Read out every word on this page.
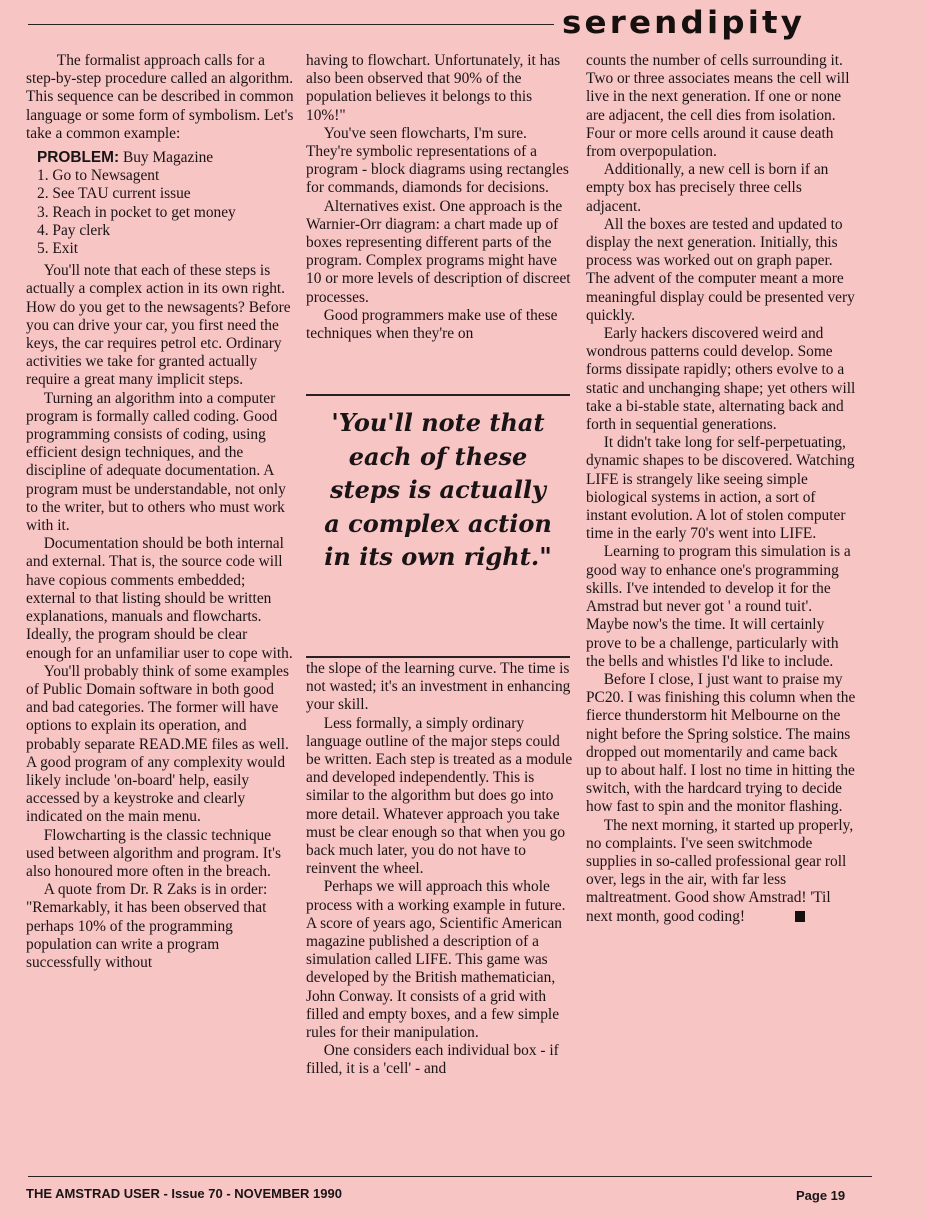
serendipity

The formalist approach calls for a step-by-step procedure called an algorithm. This sequence can be described in common language or some form of symbolism. Let's take a common example:

PROBLEM: Buy Magazine
1. Go to Newsagent
2. See TAU current issue
3. Reach in pocket to get money
4. Pay clerk
5. Exit

You'll note that each of these steps is actually a complex action in its own right. How do you get to the newsagents? Before you can drive your car, you first need the keys, the car requires petrol etc. Ordinary activities we take for granted actually require a great many implicit steps.

Turning an algorithm into a computer program is formally called coding. Good programming consists of coding, using efficient design techniques, and the discipline of adequate documentation. A program must be understandable, not only to the writer, but to others who must work with it.

Documentation should be both internal and external. That is, the source code will have copious comments embedded; external to that listing should be written explanations, manuals and flowcharts. Ideally, the program should be clear enough for an unfamiliar user to cope with.

You'll probably think of some examples of Public Domain software in both good and bad categories. The former will have options to explain its operation, and probably separate READ.ME files as well. A good program of any complexity would likely include 'on-board' help, easily accessed by a keystroke and clearly indicated on the main menu.

Flowcharting is the classic technique used between algorithm and program. It's also honoured more often in the breach.

A quote from Dr. R Zaks is in order: "Remarkably, it has been observed that perhaps 10% of the programming population can write a program successfully without

having to flowchart. Unfortunately, it has also been observed that 90% of the population believes it belongs to this 10%!"

You've seen flowcharts, I'm sure. They're symbolic representations of a program - block diagrams using rectangles for commands, diamonds for decisions.

Alternatives exist. One approach is the Warnier-Orr diagram: a chart made up of boxes representing different parts of the program. Complex programs might have 10 or more levels of description of discreet processes.

Good programmers make use of these techniques when they're on

'You'll note that each of these steps is actually a complex action in its own right."

the slope of the learning curve. The time is not wasted; it's an investment in enhancing your skill.

Less formally, a simply ordinary language outline of the major steps could be written. Each step is treated as a module and developed independently. This is similar to the algorithm but does go into more detail. Whatever approach you take must be clear enough so that when you go back much later, you do not have to reinvent the wheel.

Perhaps we will approach this whole process with a working example in future. A score of years ago, Scientific American magazine published a description of a simulation called LIFE. This game was developed by the British mathematician, John Conway. It consists of a grid with filled and empty boxes, and a few simple rules for their manipulation.

One considers each individual box - if filled, it is a 'cell' - and

counts the number of cells surrounding it. Two or three associates means the cell will live in the next generation. If one or none are adjacent, the cell dies from isolation. Four or more cells around it cause death from overpopulation.

Additionally, a new cell is born if an empty box has precisely three cells adjacent.

All the boxes are tested and updated to display the next generation. Initially, this process was worked out on graph paper. The advent of the computer meant a more meaningful display could be presented very quickly.

Early hackers discovered weird and wondrous patterns could develop. Some forms dissipate rapidly; others evolve to a static and unchanging shape; yet others will take a bi-stable state, alternating back and forth in sequential generations.

It didn't take long for self-perpetuating, dynamic shapes to be discovered. Watching LIFE is strangely like seeing simple biological systems in action, a sort of instant evolution. A lot of stolen computer time in the early 70's went into LIFE.

Learning to program this simulation is a good way to enhance one's programming skills. I've intended to develop it for the Amstrad but never got ' a round tuit'. Maybe now's the time. It will certainly prove to be a challenge, particularly with the bells and whistles I'd like to include.

Before I close, I just want to praise my PC20. I was finishing this column when the fierce thunderstorm hit Melbourne on the night before the Spring solstice. The mains dropped out momentarily and came back up to about half. I lost no time in hitting the switch, with the hardcard trying to decide how fast to spin and the monitor flashing.

The next morning, it started up properly, no complaints. I've seen switchmode supplies in so-called professional gear roll over, legs in the air, with far less maltreatment. Good show Amstrad! 'Til next month, good coding!

THE AMSTRAD USER - Issue 70 - NOVEMBER 1990	Page 19
